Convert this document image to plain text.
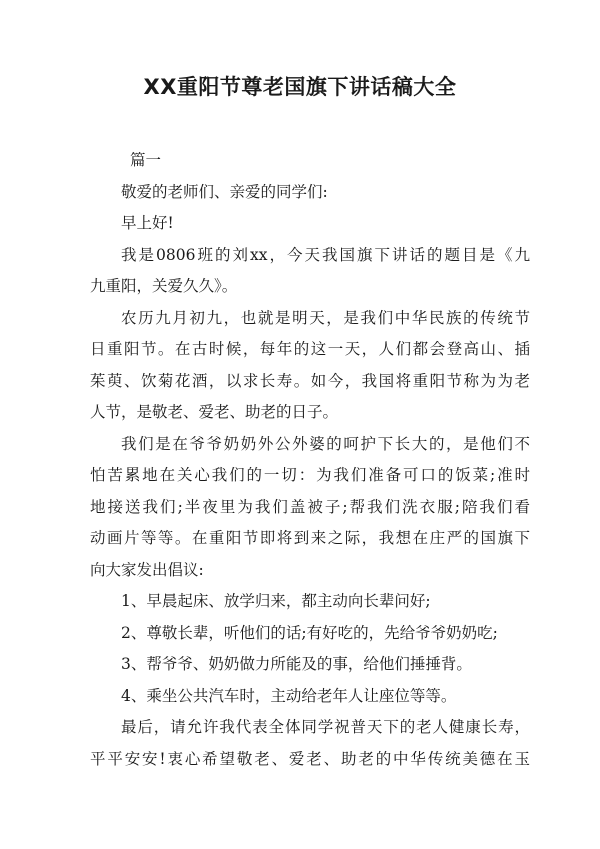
XX重阳节尊老国旗下讲话稿大全
篇一
敬爱的老师们、亲爱的同学们:
早上好!
我是0806班的刘xx，今天我国旗下讲话的题目是《九
九重阳，关爱久久》。
农历九月初九，也就是明天，是我们中华民族的传统节
日重阳节。在古时候，每年的这一天，人们都会登高山、插
茱萸、饮菊花酒，以求长寿。如今，我国将重阳节称为为老
人节，是敬老、爱老、助老的日子。
我们是在爷爷奶奶外公外婆的呵护下长大的，是他们不
怕苦累地在关心我们的一切：为我们准备可口的饭菜;准时
地接送我们;半夜里为我们盖被子;帮我们洗衣服;陪我们看
动画片等等。在重阳节即将到来之际，我想在庄严的国旗下
向大家发出倡议:
1、早晨起床、放学归来，都主动向长辈问好;
2、尊敬长辈，听他们的话;有好吃的，先给爷爷奶奶吃;
3、帮爷爷、奶奶做力所能及的事，给他们捶捶背。
4、乘坐公共汽车时，主动给老年人让座位等等。
最后，请允许我代表全体同学祝普天下的老人健康长寿，
平平安安!衷心希望敬老、爱老、助老的中华传统美德在玉
